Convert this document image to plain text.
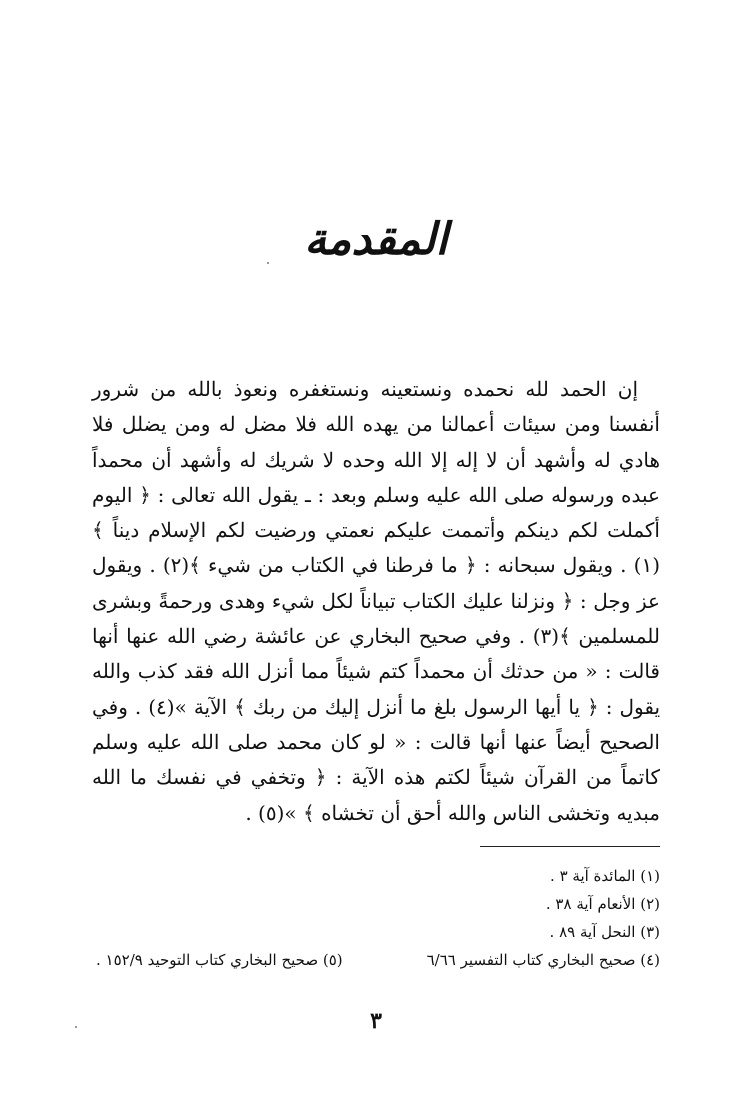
المقدمة

إن الحمد لله نحمده ونستعينه ونستغفره ونعوذ بالله من شرور أنفسنا ومن سيئات أعمالنا من يهده الله فلا مضل له ومن يضلل فلا هادي له وأشهد أن لا إله إلا الله وحده لا شريك له وأشهد أن محمداً عبده ورسوله صلى الله عليه وسلم وبعد : ـ يقول الله تعالى : ﴿ اليوم أكملت لكم دينكم وأتممت عليكم نعمتي ورضيت لكم الإسلام ديناً ﴾(١) . ويقول سبحانه : ﴿ ما فرطنا في الكتاب من شيء ﴾(٢) . ويقول عز وجل : ﴿ ونزلنا عليك الكتاب تبياناً لكل شيء وهدى ورحمةً وبشرى للمسلمين ﴾(٣) . وفي صحيح البخاري عن عائشة رضي الله عنها أنها قالت : « من حدثك أن محمداً كتم شيئاً مما أنزل الله فقد كذب والله يقول : ﴿ يا أيها الرسول بلغ ما أنزل إليك من ربك ﴾ الآية »(٤) . وفي الصحيح أيضاً عنها أنها قالت : « لو كان محمد صلى الله عليه وسلم كاتماً من القرآن شيئاً لكتم هذه الآية : ﴿ وتخفي في نفسك ما الله مبديه وتخشى الناس والله أحق أن تخشاه ﴾ »(٥) .

(١) المائدة آية ٣ .
(٢) الأنعام آية ٣٨ .
(٣) النحل آية ٨٩ .
(٤) صحيح البخاري كتاب التفسير ٦/٦٦
(٥) صحيح البخاري كتاب التوحيد ١٥٢/٩ .
٣
